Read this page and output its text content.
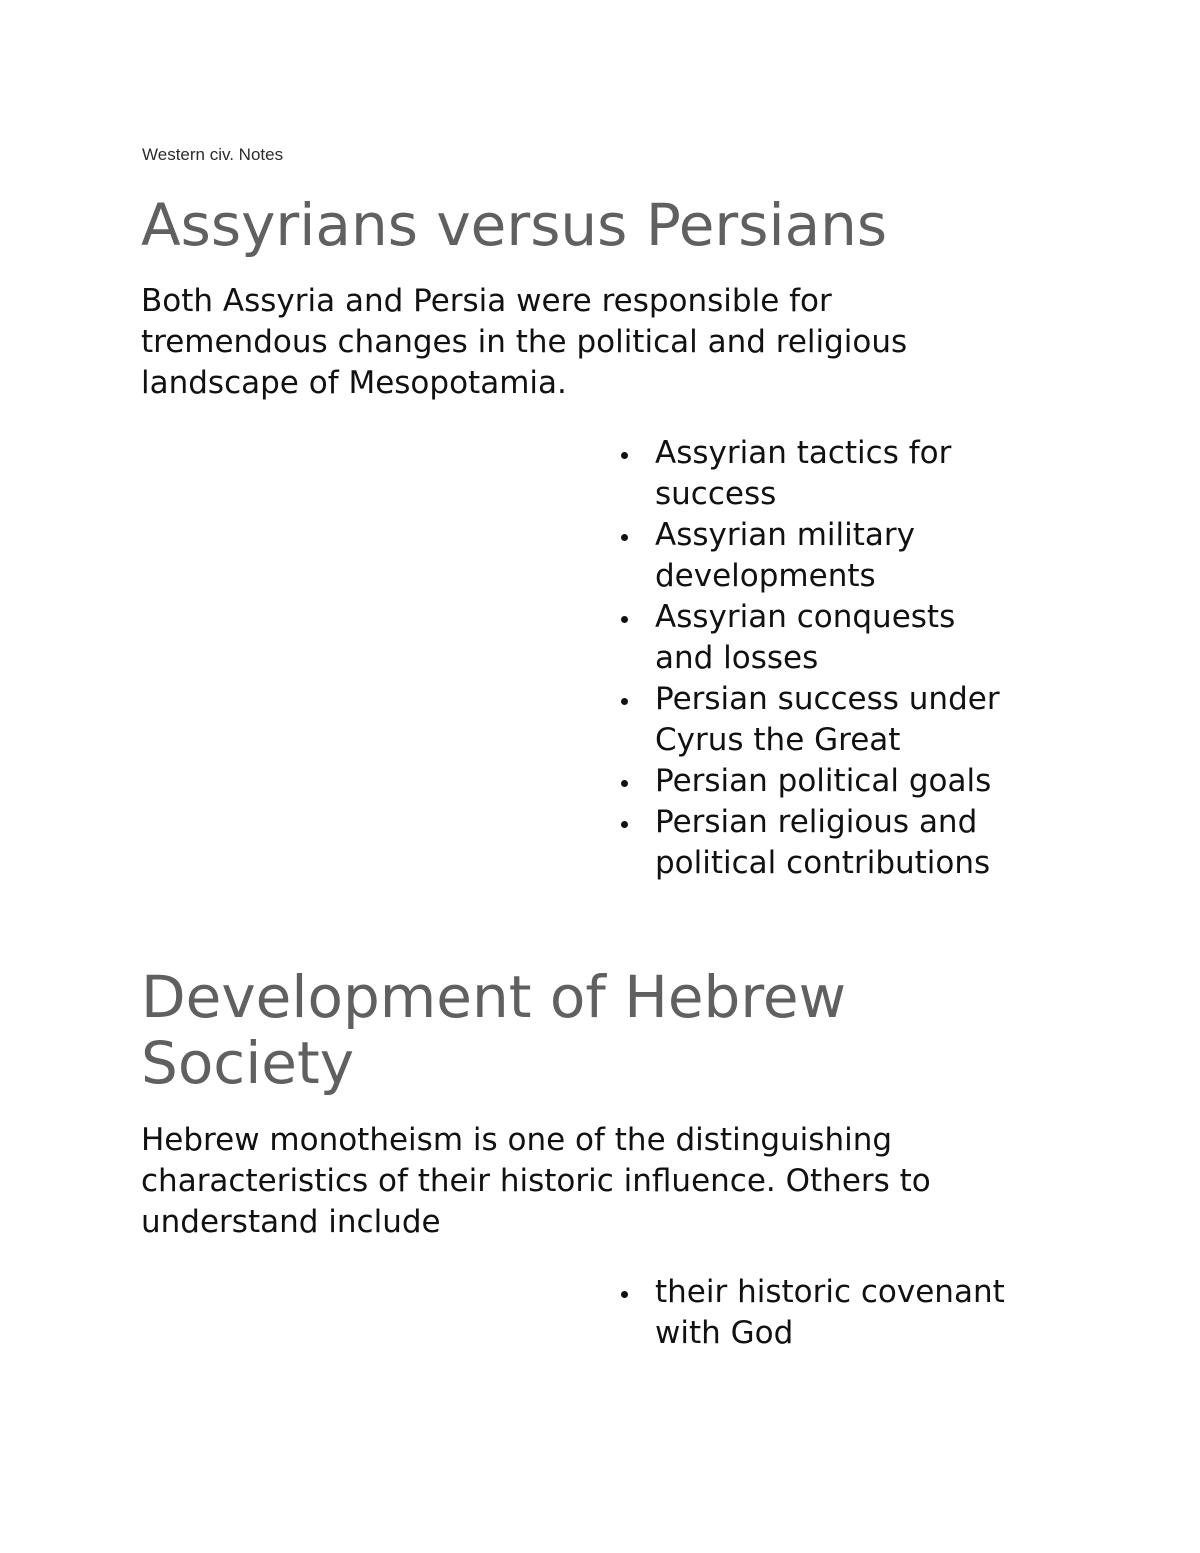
Western civ. Notes
Assyrians versus Persians

Both Assyria and Persia were responsible for
tremendous changes in the political and religious
landscape of Mesopotamia.

Assyrian tactics for
success
Assyrian military
developments
Assyrian conquests
and losses
Persian success under
Cyrus the Great
Persian political goals
Persian religious and
political contributions
Development of Hebrew
Society

Hebrew monotheism is one of the distinguishing
characteristics of their historic influence. Others to
understand include

their historic covenant
with God
